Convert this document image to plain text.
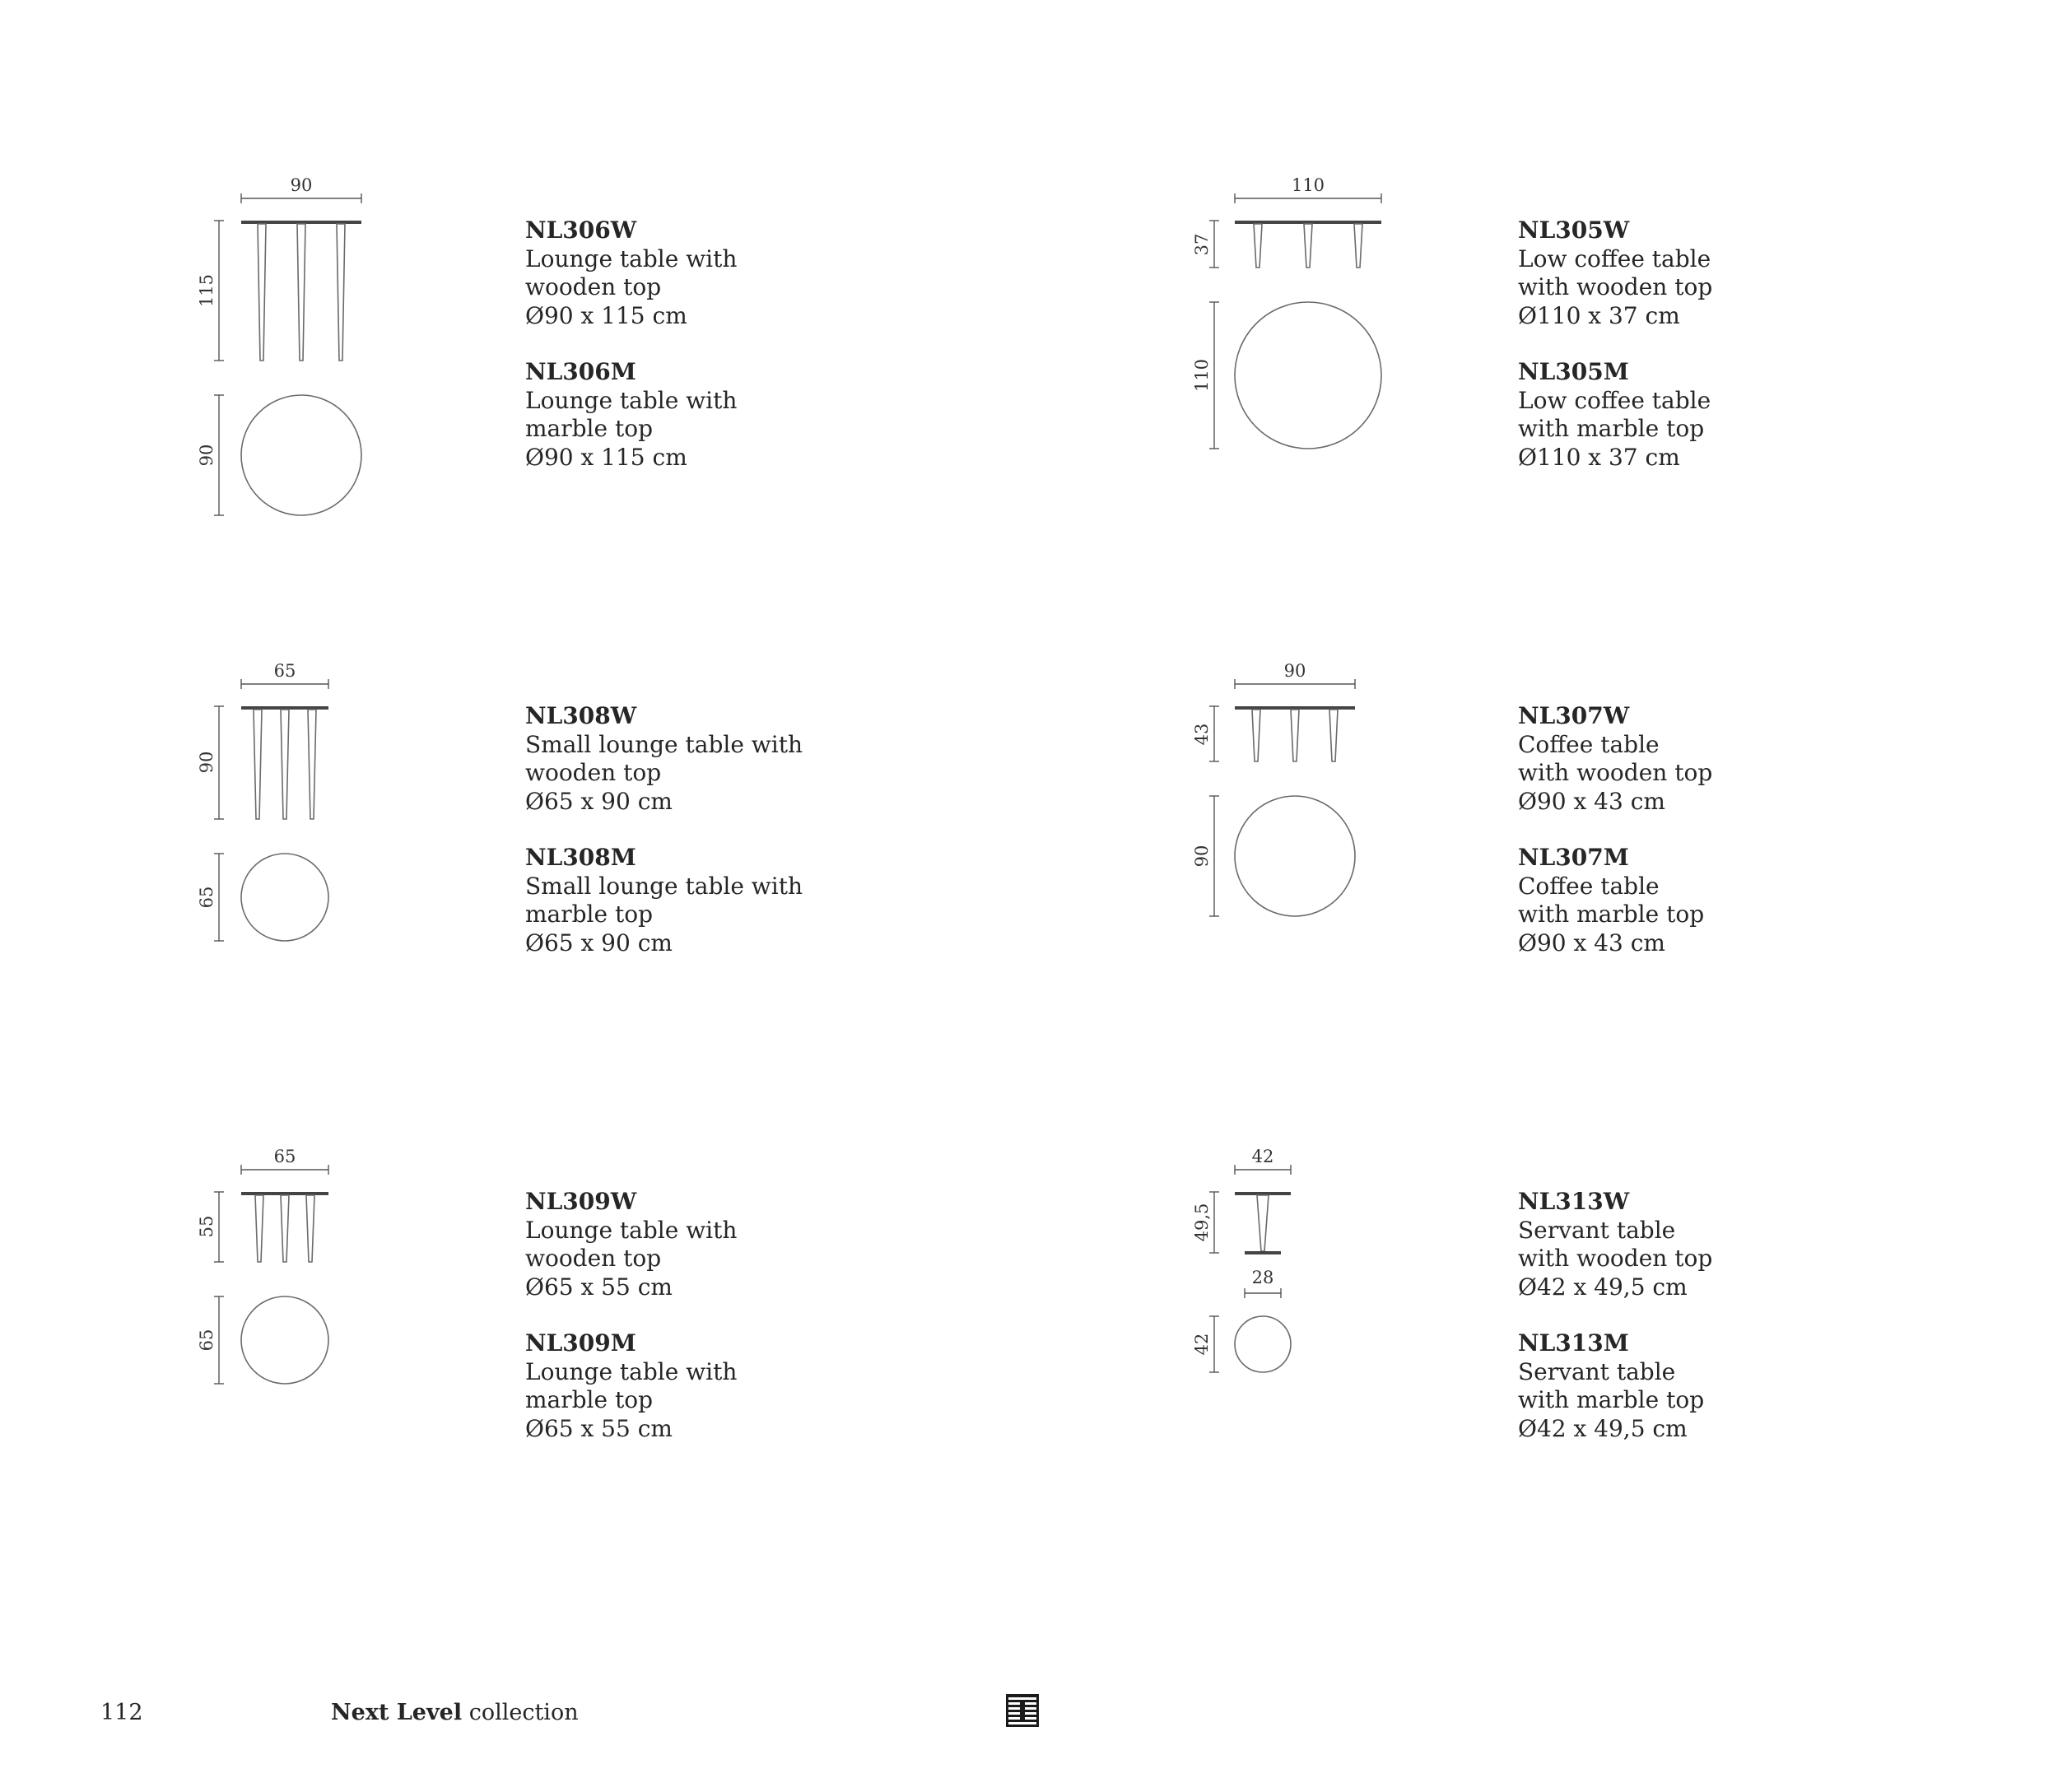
90
115
90
NL306W
Lounge table with
wooden top
Ø90 x 115 cm
NL306M
Lounge table with
marble top
Ø90 x 115 cm
110
37
110
NL305W
Low coffee table
with wooden top
Ø110 x 37 cm
NL305M
Low coffee table
with marble top
Ø110 x 37 cm
65
90
65
NL308W
Small lounge table with
wooden top
Ø65 x 90 cm
NL308M
Small lounge table with
marble top
Ø65 x 90 cm
90
43
90
NL307W
Coffee table
with wooden top
Ø90 x 43 cm
NL307M
Coffee table
with marble top
Ø90 x 43 cm
65
55
65
NL309W
Lounge table with
wooden top
Ø65 x 55 cm
NL309M
Lounge table with
marble top
Ø65 x 55 cm
42
49,5
28
42
NL313W
Servant table
with wooden top
Ø42 x 49,5 cm
NL313M
Servant table
with marble top
Ø42 x 49,5 cm
112	Next Level collection
